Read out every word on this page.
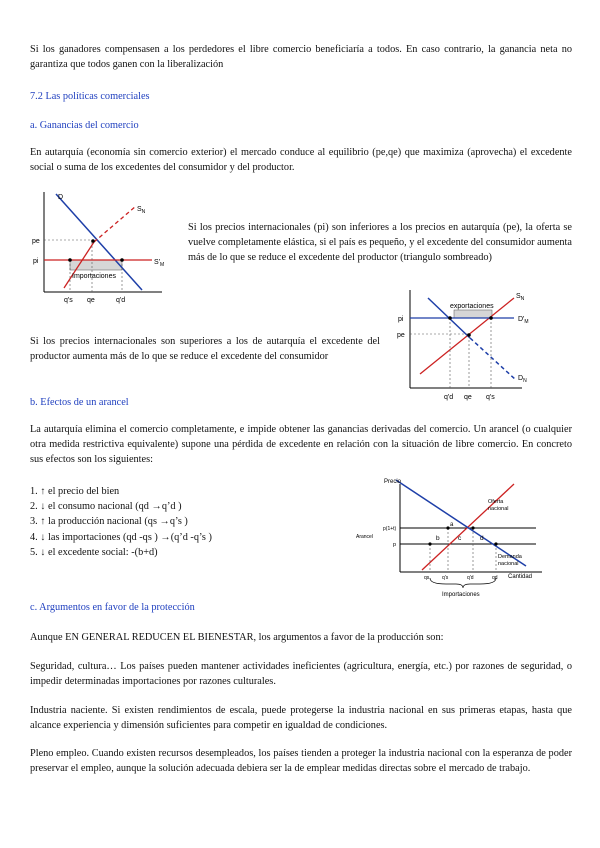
Si los ganadores compensasen a los perdedores el libre comercio beneficiaría a todos. En caso contrario, la ganancia neta no garantiza que todos ganen con la liberalización

7.2 Las políticas comerciales

a. Ganancias del comercio

En autarquía (economía sin comercio exterior) el mercado conduce al equilibrio (pe,qe) que maximiza (aprovecha) el excedente social o suma de los excedentes del consumidor y del productor.

D
$S_N$
$S'_M$
pe
pi
Importaciones
q's qe	q'd

Si los precios internacionales (pi) son inferiores a los precios en autarquía (pe), la oferta se vuelve completamente elástica, si el país es pequeño, y el excedente del consumidor aumenta más de lo que se reduce el excedente del productor (triangulo sombreado)

exportaciones
$S_N$
$D'_M$
$D_N$
pi
pe
q'd qe q's

Si los precios internacionales son superiores a los de autarquía el excedente del productor aumenta más de lo que se reduce el excedente del consumidor

b. Efectos de un arancel

La autarquía elimina el comercio completamente, e impide obtener las ganancias derivadas del comercio. Un arancel (o cualquier otra medida restrictiva equivalente) supone una pérdida de excedente en relación con la situación de libre comercio. En concreto sus efectos son los siguientes:

1. ↑ el precio del bien
2. ↓ el consumo nacional (qd →q’d )
3. ↑ la producción nacional (qs →q’s )
4. ↓ las importaciones (qd -qs ) →(q’d -q’s )
5. ↓ el excedente social: -(b+d)
Precio
Cantidad
Oferta
nacional
Demanda
nacional
Arancel
p(1+t)
p
a
b	c	d
qs	q's	q'd	qd
Importaciones

c. Argumentos en favor de la protección

Aunque EN GENERAL REDUCEN EL BIENESTAR, los argumentos a favor de la producción son:

Seguridad, cultura… Los países pueden mantener actividades ineficientes (agricultura, energía, etc.) por razones de seguridad, o impedir determinadas importaciones por razones culturales.

Industria naciente. Si existen rendimientos de escala, puede protegerse la industria nacional en sus primeras etapas, hasta que alcance experiencia y dimensión suficientes para competir en igualdad de condiciones.

Pleno empleo. Cuando existen recursos desempleados, los países tienden a proteger la industria nacional con la esperanza de poder preservar el empleo, aunque la solución adecuada debiera ser la de emplear medidas directas sobre el mercado de trabajo.
